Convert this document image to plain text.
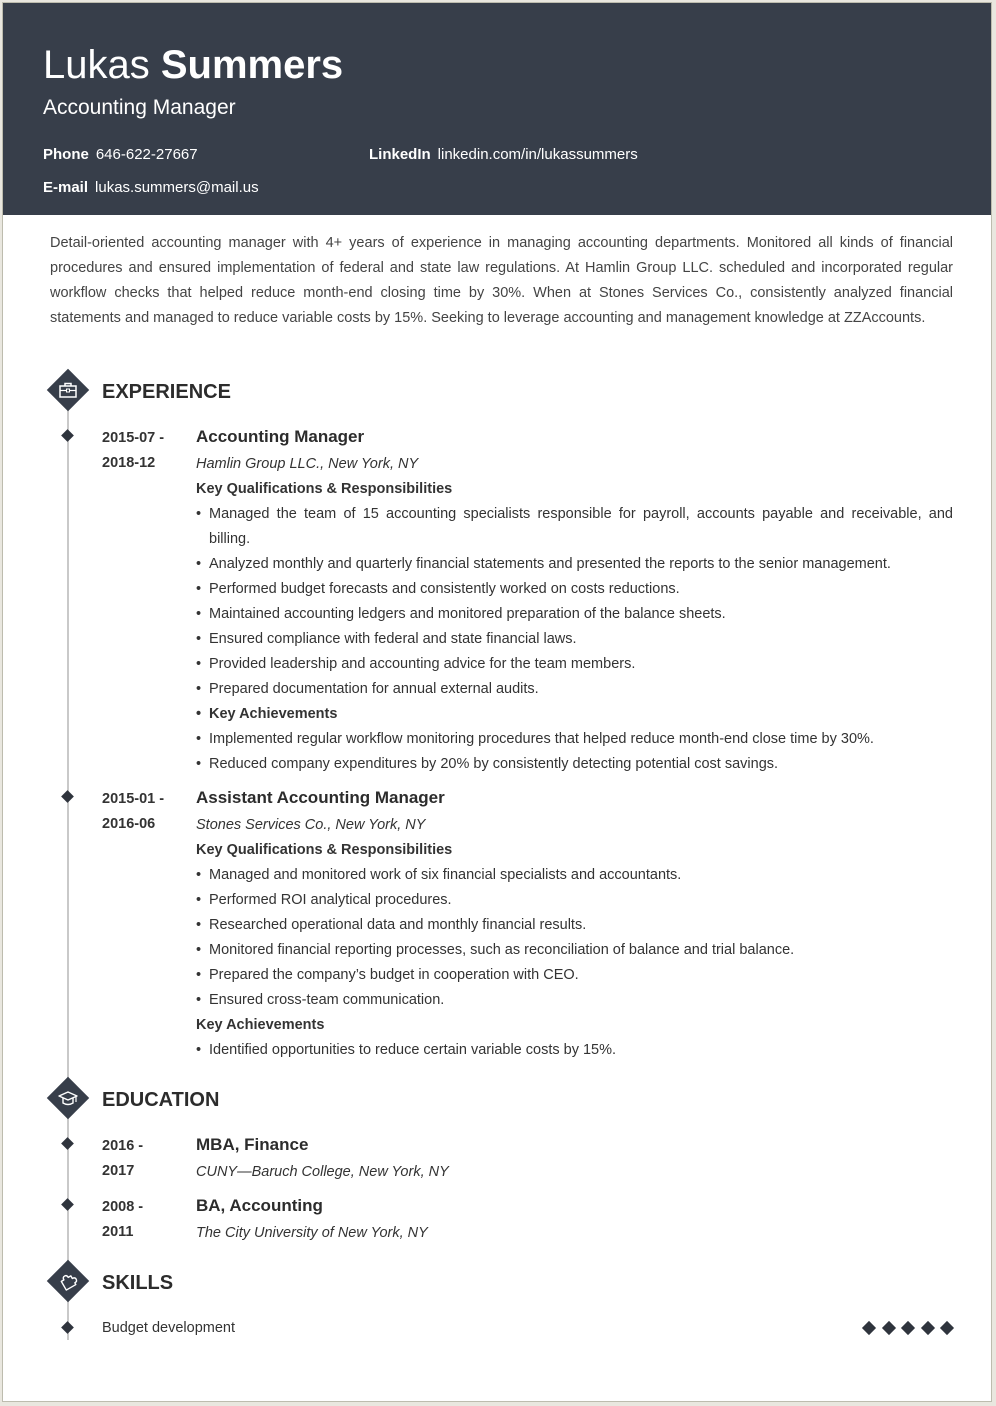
Lukas Summers
Accounting Manager
Phone 646-622-27667	LinkedIn linkedin.com/in/lukassummers
E-mail lukas.summers@mail.us
Detail-oriented accounting manager with 4+ years of experience in managing accounting departments. Monitored all kinds of financial procedures and ensured implementation of federal and state law regulations. At Hamlin Group LLC. scheduled and incorporated regular workflow checks that helped reduce month-end closing time by 30%. When at Stones Services Co., consistently analyzed financial statements and managed to reduce variable costs by 15%. Seeking to leverage accounting and management knowledge at ZZAccounts.
EXPERIENCE
2015-07 -
2018-12
Accounting Manager
Hamlin Group LLC., New York, NY
Key Qualifications & Responsibilities
• Managed the team of 15 accounting specialists responsible for payroll, accounts payable and receivable, and billing.
• Analyzed monthly and quarterly financial statements and presented the reports to the senior management.
• Performed budget forecasts and consistently worked on costs reductions.
• Maintained accounting ledgers and monitored preparation of the balance sheets.
• Ensured compliance with federal and state financial laws.
• Provided leadership and accounting advice for the team members.
• Prepared documentation for annual external audits.
• Key Achievements
• Implemented regular workflow monitoring procedures that helped reduce month-end close time by 30%.
• Reduced company expenditures by 20% by consistently detecting potential cost savings.
2015-01 -
2016-06
Assistant Accounting Manager
Stones Services Co., New York, NY
Key Qualifications & Responsibilities
• Managed and monitored work of six financial specialists and accountants.
• Performed ROI analytical procedures.
• Researched operational data and monthly financial results.
• Monitored financial reporting processes, such as reconciliation of balance and trial balance.
• Prepared the company’s budget in cooperation with CEO.
• Ensured cross-team communication.
Key Achievements
• Identified opportunities to reduce certain variable costs by 15%.
EDUCATION
2016 -
2017
MBA, Finance
CUNY—Baruch College, New York, NY
2008 -
2011
BA, Accounting
The City University of New York, NY
SKILLS
Budget development
